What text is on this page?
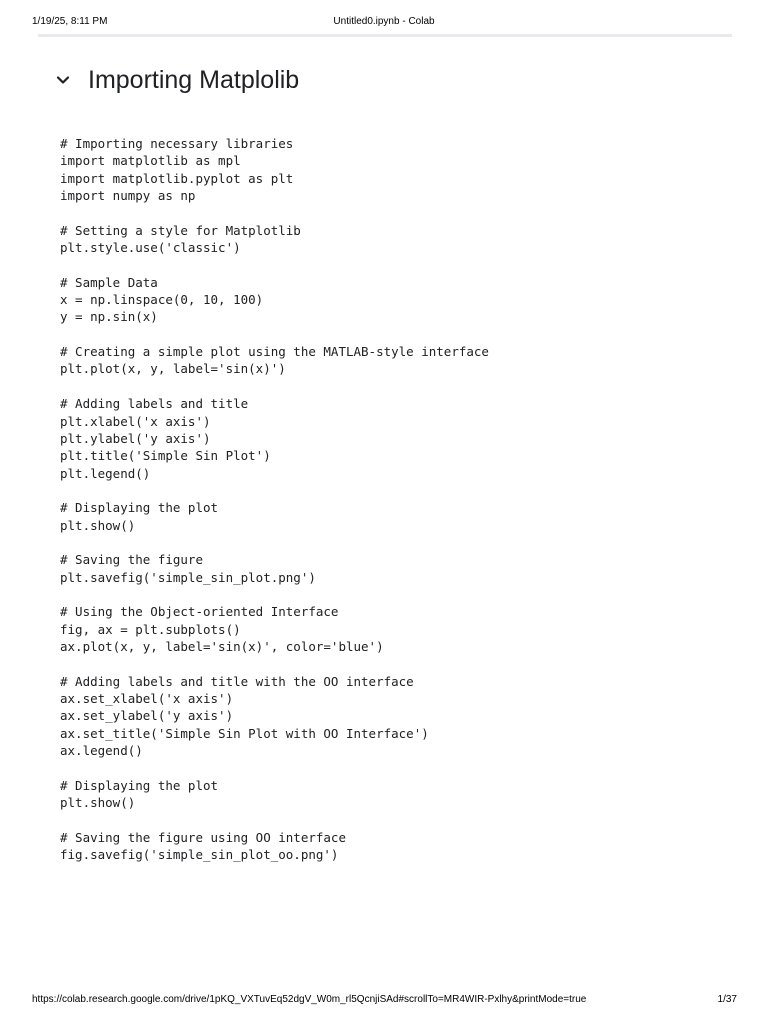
1/19/25, 8:11 PM	Untitled0.ipynb - Colab
Importing Matplolib
# Importing necessary libraries
import matplotlib as mpl
import matplotlib.pyplot as plt
import numpy as np
# Setting a style for Matplotlib
plt.style.use('classic')
# Sample Data
x = np.linspace(0, 10, 100)
y = np.sin(x)
# Creating a simple plot using the MATLAB-style interface
plt.plot(x, y, label='sin(x)')
# Adding labels and title
plt.xlabel('x axis')
plt.ylabel('y axis')
plt.title('Simple Sin Plot')
plt.legend()
# Displaying the plot
plt.show()
# Saving the figure
plt.savefig('simple_sin_plot.png')
# Using the Object-oriented Interface
fig, ax = plt.subplots()
ax.plot(x, y, label='sin(x)', color='blue')
# Adding labels and title with the OO interface
ax.set_xlabel('x axis')
ax.set_ylabel('y axis')
ax.set_title('Simple Sin Plot with OO Interface')
ax.legend()
# Displaying the plot
plt.show()
# Saving the figure using OO interface
fig.savefig('simple_sin_plot_oo.png')
https://colab.research.google.com/drive/1pKQ_VXTuvEq52dgV_W0m_rl5QcnjiSAd#scrollTo=MR4WIR-Pxlhy&printMode=true	1/37
